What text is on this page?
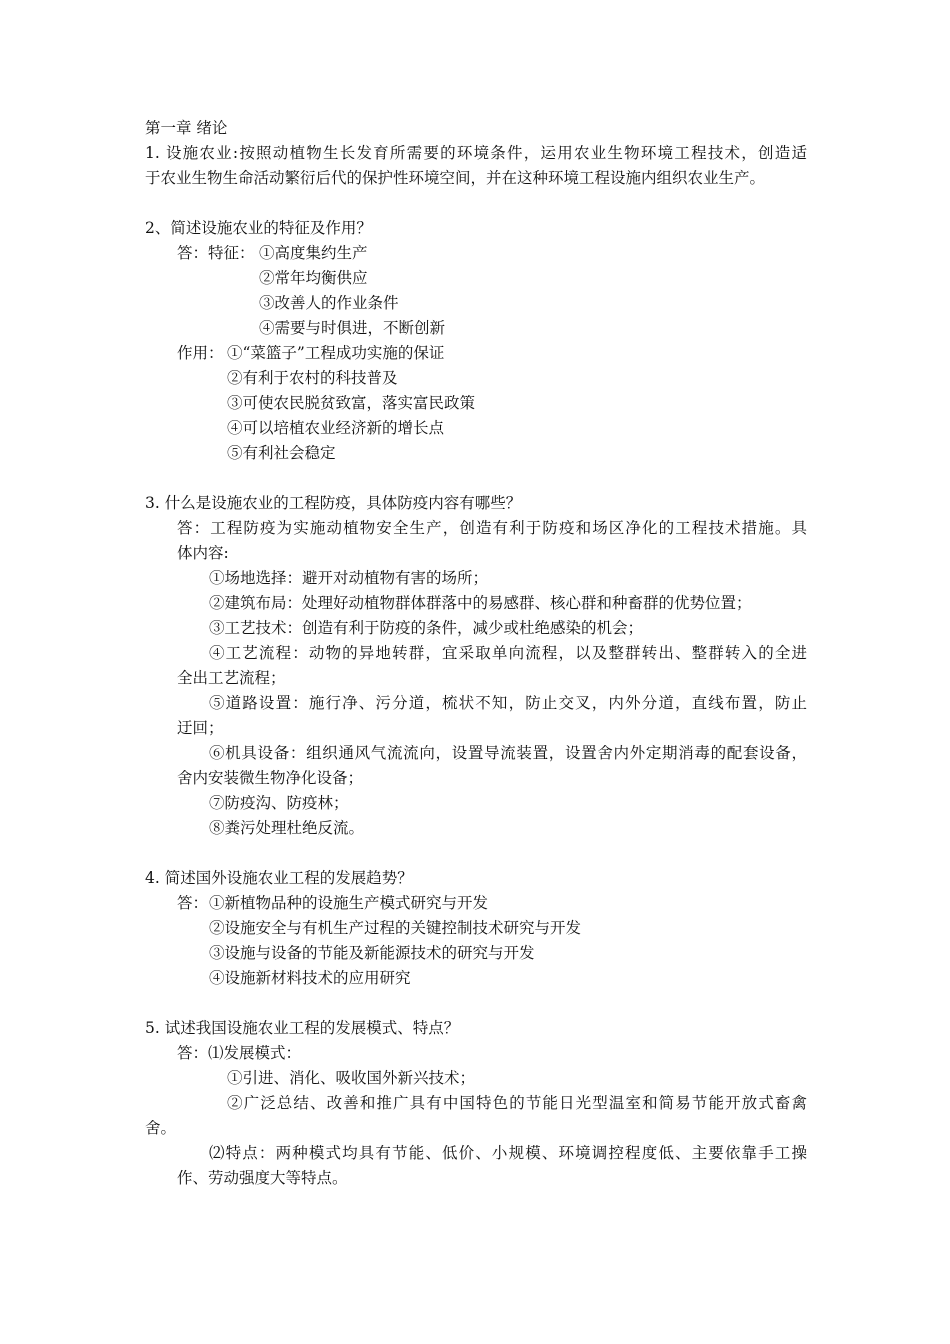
第一章 绪论
1. 设施农业:按照动植物生长发育所需要的环境条件，运用农业生物环境工程技术，创造适
于农业生物生命活动繁衍后代的保护性环境空间，并在这种环境工程设施内组织农业生产。
2、简述设施农业的特征及作用？
答：特征： ①高度集约生产
②常年均衡供应
③改善人的作业条件
④需要与时俱进，不断创新
作用： ①“菜篮子”工程成功实施的保证
②有利于农村的科技普及
③可使农民脱贫致富，落实富民政策
④可以培植农业经济新的增长点
⑤有利社会稳定
3. 什么是设施农业的工程防疫，具体防疫内容有哪些？
答：工程防疫为实施动植物安全生产，创造有利于防疫和场区净化的工程技术措施。具
体内容:
①场地选择：避开对动植物有害的场所；
②建筑布局：处理好动植物群体群落中的易感群、核心群和种畜群的优势位置；
③工艺技术：创造有利于防疫的条件，减少或杜绝感染的机会；
④工艺流程：动物的异地转群，宜采取单向流程，以及整群转出、整群转入的全进
全出工艺流程；
⑤道路设置：施行净、污分道，梳状不知，防止交叉，内外分道，直线布置，防止
迂回；
⑥机具设备：组织通风气流流向，设置导流装置，设置舍内外定期消毒的配套设备，
舍内安装微生物净化设备；
⑦防疫沟、防疫林；
⑧粪污处理杜绝反流。
4. 简述国外设施农业工程的发展趋势？
答： ①新植物品种的设施生产模式研究与开发
②设施安全与有机生产过程的关键控制技术研究与开发
③设施与设备的节能及新能源技术的研究与开发
④设施新材料技术的应用研究
5. 试述我国设施农业工程的发展模式、特点？
答：⑴发展模式：
①引进、消化、吸收国外新兴技术；
②广泛总结、改善和推广具有中国特色的节能日光型温室和简易节能开放式畜禽
舍。
⑵特点：两种模式均具有节能、低价、小规模、环境调控程度低、主要依靠手工操
作、劳动强度大等特点。
